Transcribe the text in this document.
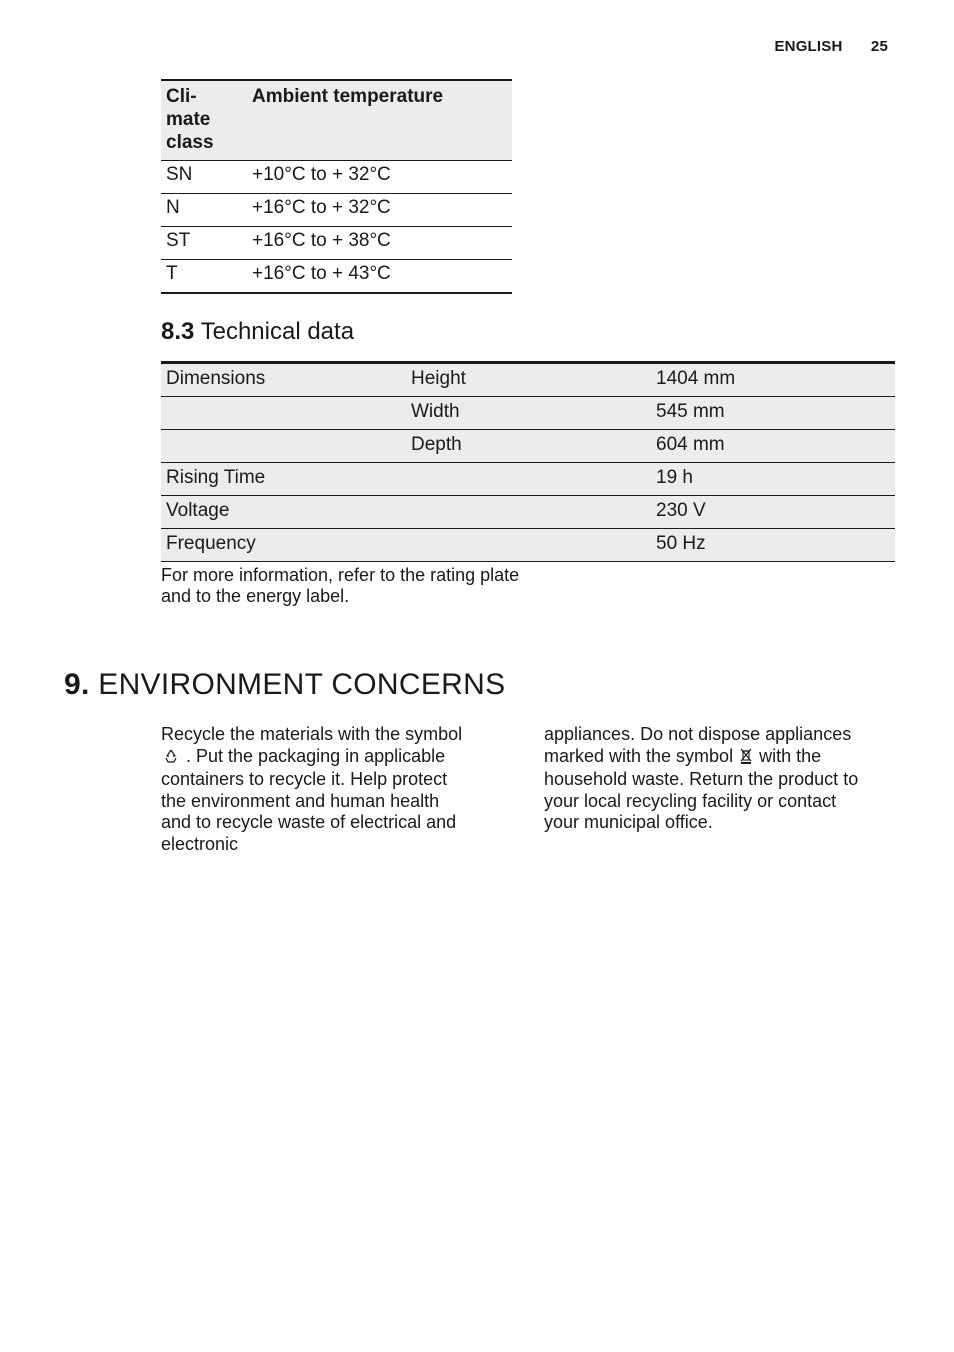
ENGLISH 25
Cli-
mate
class	Ambient temperature
SN	+10°C to + 32°C
N	+16°C to + 32°C
ST	+16°C to + 38°C
T	+16°C to + 43°C
8.3 Technical data
Dimensions	Height	1404 mm
	Width	545 mm
	Depth	604 mm
Rising Time		19 h
Voltage		230 V
Frequency		50 Hz

For more information, refer to the rating plate and to the energy label.

9. ENVIRONMENT CONCERNS

Recycle the materials with the symbol  . Put the packaging in applicable containers to recycle it. Help protect the environment and human health and to recycle waste of electrical and electronic

appliances. Do not dispose appliances marked with the symbol with the household waste. Return the product to your local recycling facility or contact your municipal office.
